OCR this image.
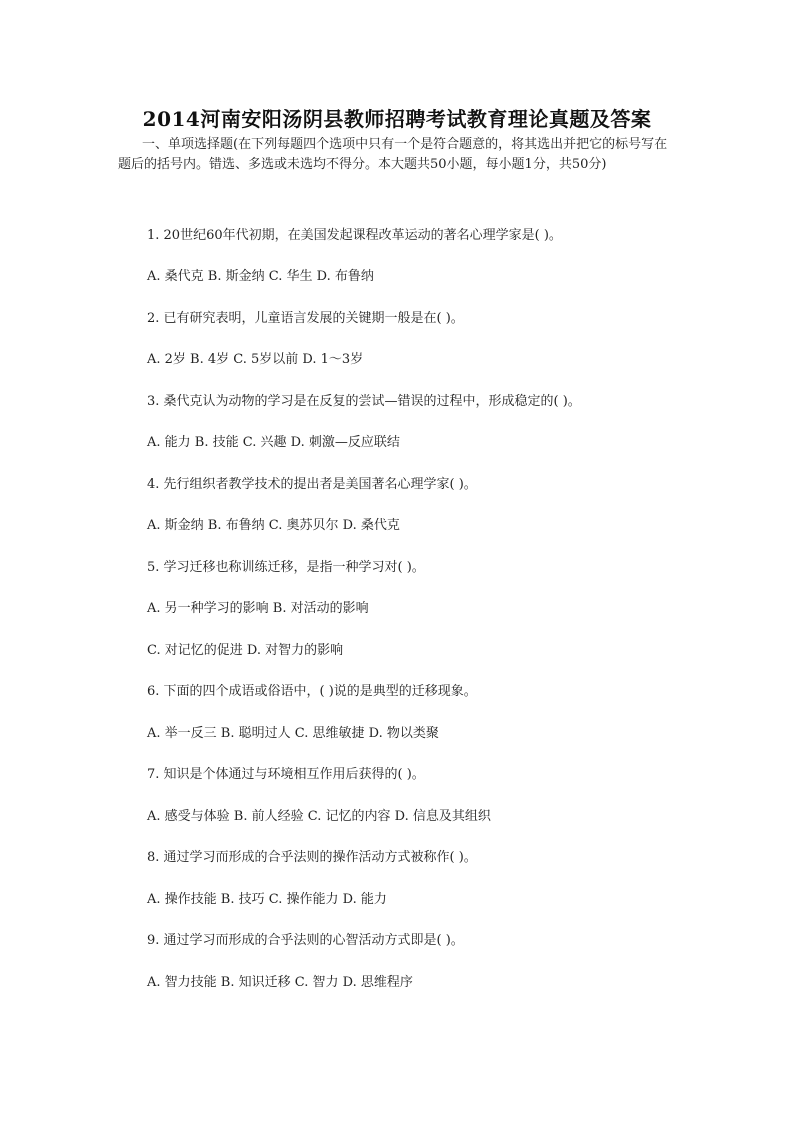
2014河南安阳汤阴县教师招聘考试教育理论真题及答案
一、单项选择题(在下列每题四个选项中只有一个是符合题意的，将其选出并把它的标号写在题后的括号内。错选、多选或未选均不得分。本大题共50小题，每小题1分，共50分)
1. 20世纪60年代初期，在美国发起课程改革运动的著名心理学家是( )。
A. 桑代克 B. 斯金纳 C. 华生 D. 布鲁纳
2. 已有研究表明，儿童语言发展的关键期一般是在( )。
A. 2岁 B. 4岁 C. 5岁以前 D. 1～3岁
3. 桑代克认为动物的学习是在反复的尝试—错误的过程中，形成稳定的( )。
A. 能力 B. 技能 C. 兴趣 D. 刺激—反应联结
4. 先行组织者教学技术的提出者是美国著名心理学家( )。
A. 斯金纳 B. 布鲁纳 C. 奥苏贝尔 D. 桑代克
5. 学习迁移也称训练迁移，是指一种学习对( )。
A. 另一种学习的影响 B. 对活动的影响
C. 对记忆的促进 D. 对智力的影响
6. 下面的四个成语或俗语中，( )说的是典型的迁移现象。
A. 举一反三 B. 聪明过人 C. 思维敏捷 D. 物以类聚
7. 知识是个体通过与环境相互作用后获得的( )。
A. 感受与体验 B. 前人经验 C. 记忆的内容 D. 信息及其组织
8. 通过学习而形成的合乎法则的操作活动方式被称作( )。
A. 操作技能 B. 技巧 C. 操作能力 D. 能力
9. 通过学习而形成的合乎法则的心智活动方式即是( )。
A. 智力技能 B. 知识迁移 C. 智力 D. 思维程序
